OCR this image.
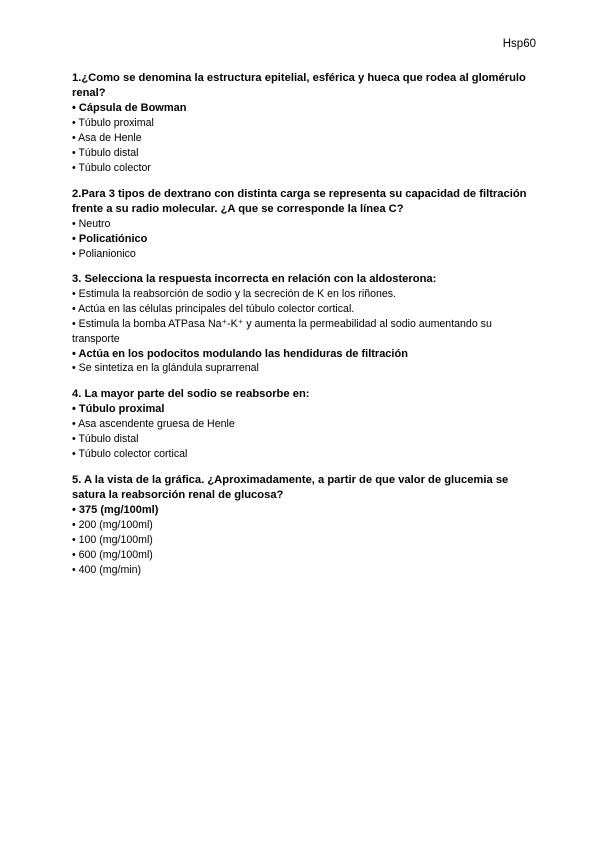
Hsp60
1.¿Como se denomina la estructura epitelial, esférica y hueca que rodea al glomérulo renal?
• Cápsula de Bowman
• Túbulo proximal
• Asa de Henle
• Túbulo distal
• Túbulo colector
2.Para 3 tipos de dextrano con distinta carga se representa su capacidad de filtración frente a su radio molecular. ¿A que se corresponde la línea C?
• Neutro
• Policatiónico
• Polianionico
3. Selecciona la respuesta incorrecta en relación con la aldosterona:
• Estimula la reabsorción de sodio y la secreción de K en los riñones.
• Actúa en las células principales del túbulo colector cortical.
• Estimula la bomba ATPasa Na⁺-K⁺ y aumenta la permeabilidad al sodio aumentando su transporte
• Actúa en los podocitos modulando las hendiduras de filtración
• Se sintetiza en la glándula suprarrenal
4. La mayor parte del sodio se reabsorbe en:
• Túbulo proximal
• Asa ascendente gruesa de Henle
• Túbulo distal
• Túbulo colector cortical
5. A la vista de la gráfica. ¿Aproximadamente, a partir de que valor de glucemia se satura la reabsorción renal de glucosa?
• 375 (mg/100ml)
• 200 (mg/100ml)
• 100 (mg/100ml)
• 600 (mg/100ml)
• 400 (mg/min)
